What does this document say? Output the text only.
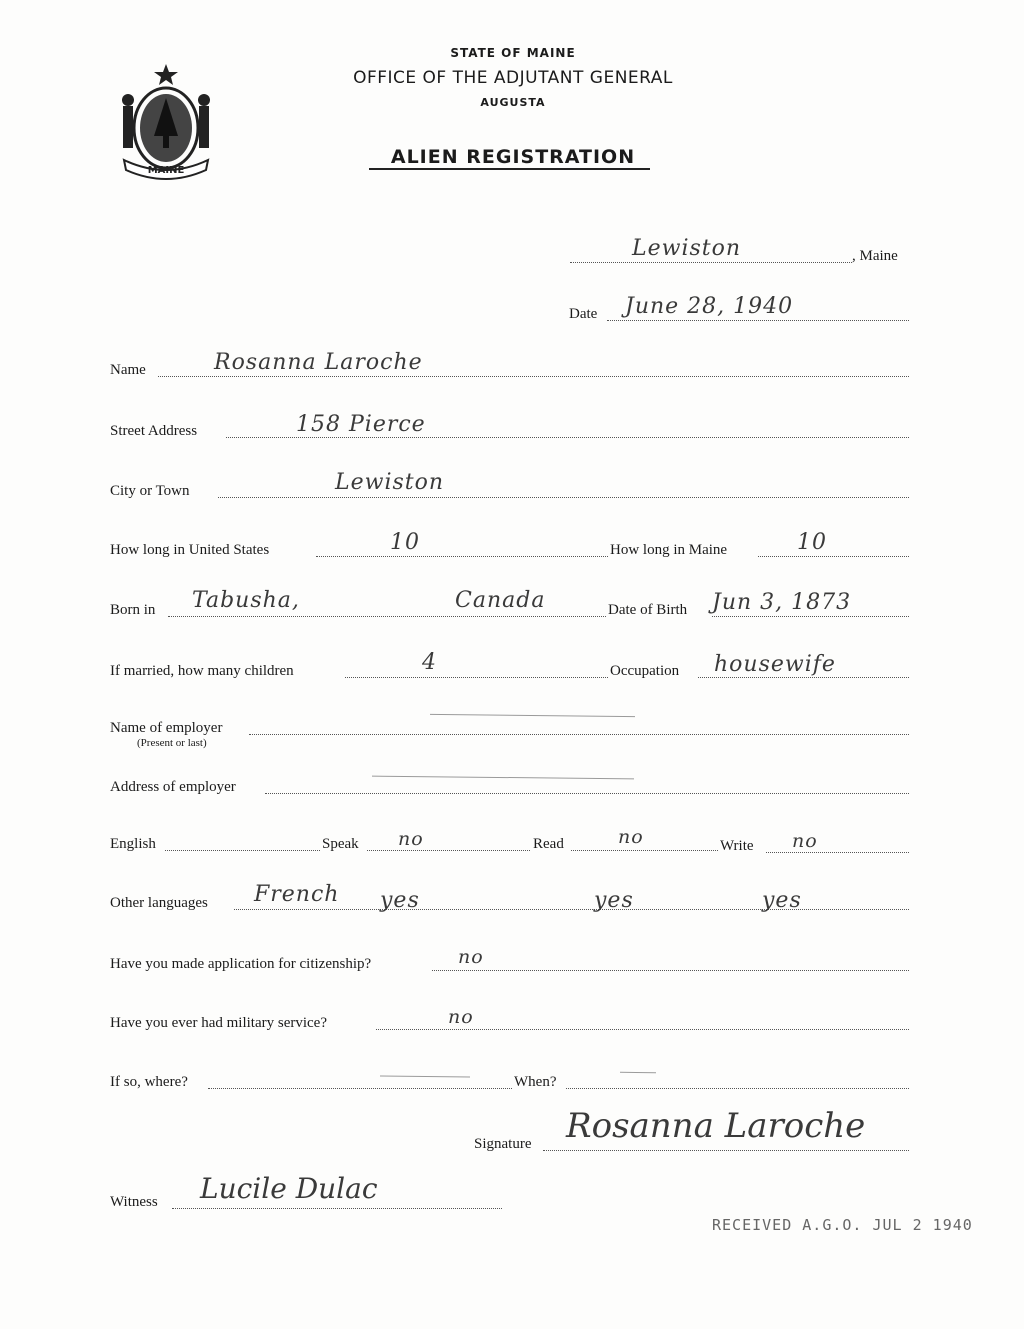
MAINE
STATE OF MAINE
OFFICE OF THE ADJUTANT GENERAL
AUGUSTA
ALIEN REGISTRATION
Lewiston	, Maine
Date June 28, 1940
Name	Rosanna Laroche
Street Address	158 Pierce
City or Town	Lewiston
How long in United States	10	How long in Maine	10
Born in Tabusha,	Canada	Date of Birth Jun 3, 1873
If married, how many children	4	Occupation housewife
Name of employer
(Present or last)
Address of employer
English	Speak no	Read	no	Write no
Other languages French yes	yes	yes
Have you made application for citizenship?	no
Have you ever had military service?	no
If so, where?	When?
Signature Rosanna Laroche
Witness Lucile Dulac
RECEIVED A.G.O. JUL 2 1940
